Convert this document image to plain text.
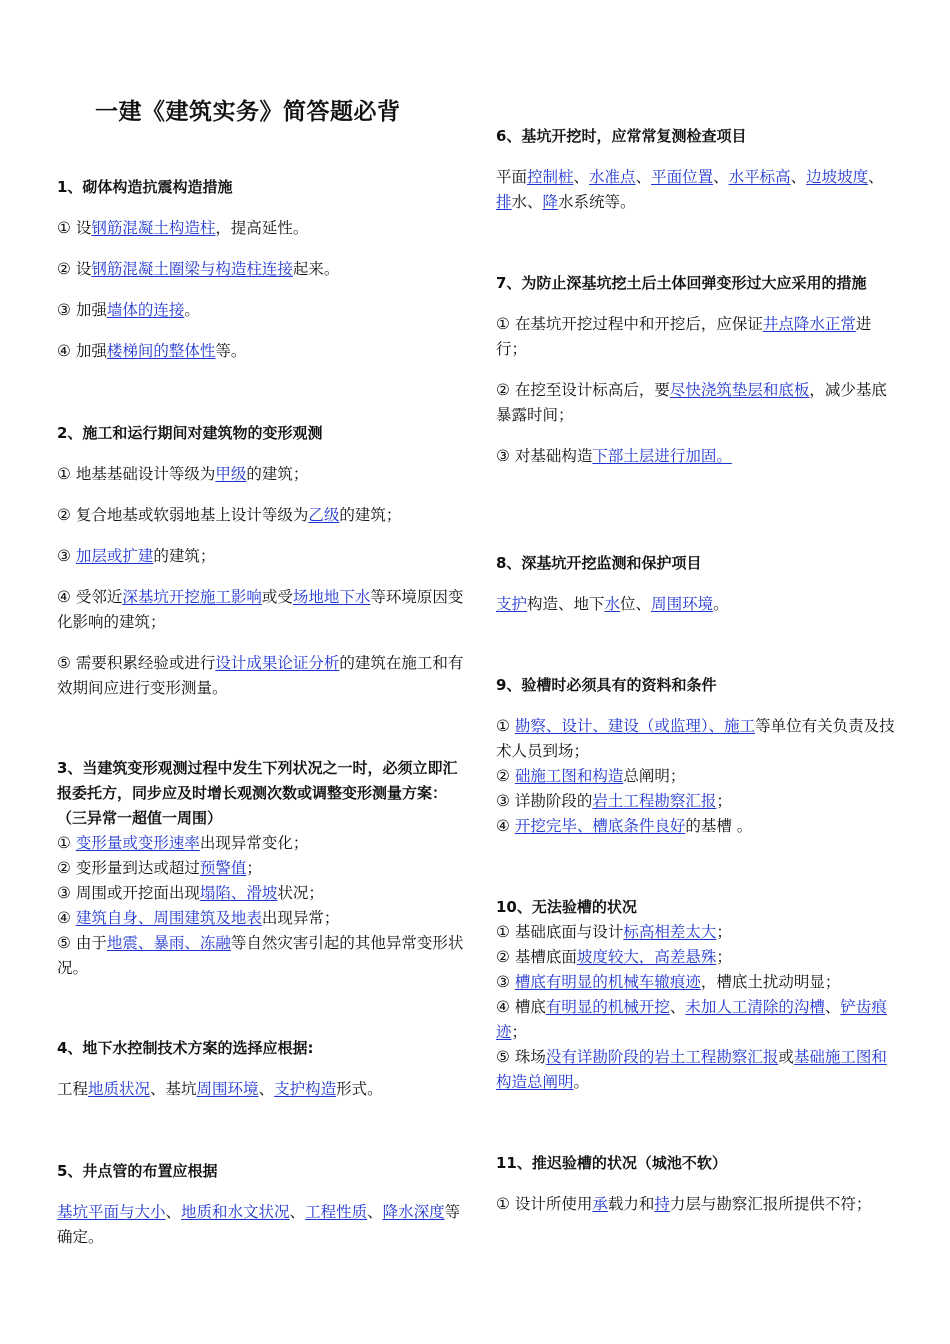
一建《建筑实务》简答题必背

1、砌体构造抗震构造措施

① 设钢筋混凝土构造柱，提高延性。

② 设钢筋混凝土圈梁与构造柱连接起来。

③ 加强墙体的连接。

④ 加强楼梯间的整体性等。

2、施工和运行期间对建筑物的变形观测

① 地基基础设计等级为甲级的建筑；

② 复合地基或软弱地基上设计等级为乙级的建筑；

③ 加层或扩建的建筑；

④ 受邻近深基坑开挖施工影响或受场地地下水等环境原因变化影响的建筑；

⑤ 需要积累经验或进行设计成果论证分析的建筑在施工和有效期间应进行变形测量。

3、当建筑变形观测过程中发生下列状况之一时，必须立即汇报委托方，同步应及时增长观测次数或调整变形测量方案：（三异常一超值一周围）

① 变形量或变形速率出现异常变化；

② 变形量到达或超过预警值；

③ 周围或开挖面出现塌陷、滑坡状况；

④ 建筑自身、周围建筑及地表出现异常；

⑤ 由于地震、暴雨、冻融等自然灾害引起的其他异常变形状况。

4、地下水控制技术方案的选择应根据:

工程地质状况、基坑周围环境、支护构造形式。

5、井点管的布置应根据

基坑平面与大小、地质和水文状况、工程性质、降水深度等确定。

6、基坑开挖时，应常常复测检查项目

平面控制桩、水准点、平面位置、水平标高、边坡坡度、排水、降水系统等。

7、为防止深基坑挖土后土体回弹变形过大应采用的措施

① 在基坑开挖过程中和开挖后，应保证井点降水正常进行；

② 在挖至设计标高后，要尽快浇筑垫层和底板，减少基底暴露时间；

③ 对基础构造下部土层进行加固。

8、深基坑开挖监测和保护项目

支护构造、地下水位、周围环境。

9、验槽时必须具有的资料和条件

① 勘察、设计、建设（或监理）、施工等单位有关负责及技术人员到场；

② 础施工图和构造总阐明；

③ 详勘阶段的岩土工程勘察汇报；

④ 开挖完毕、槽底条件良好的基槽 。

10、无法验槽的状况

① 基础底面与设计标高相差太大；

② 基槽底面坡度较大，高差悬殊；

③ 槽底有明显的机械车辙痕迹，槽底土扰动明显；

④ 槽底有明显的机械开挖、未加人工清除的沟槽、铲齿痕迹；

⑤ 珠场没有详勘阶段的岩土工程勘察汇报或基础施工图和构造总阐明。

11、推迟验槽的状况（城池不软）

① 设计所使用承载力和持力层与勘察汇报所提供不符；
